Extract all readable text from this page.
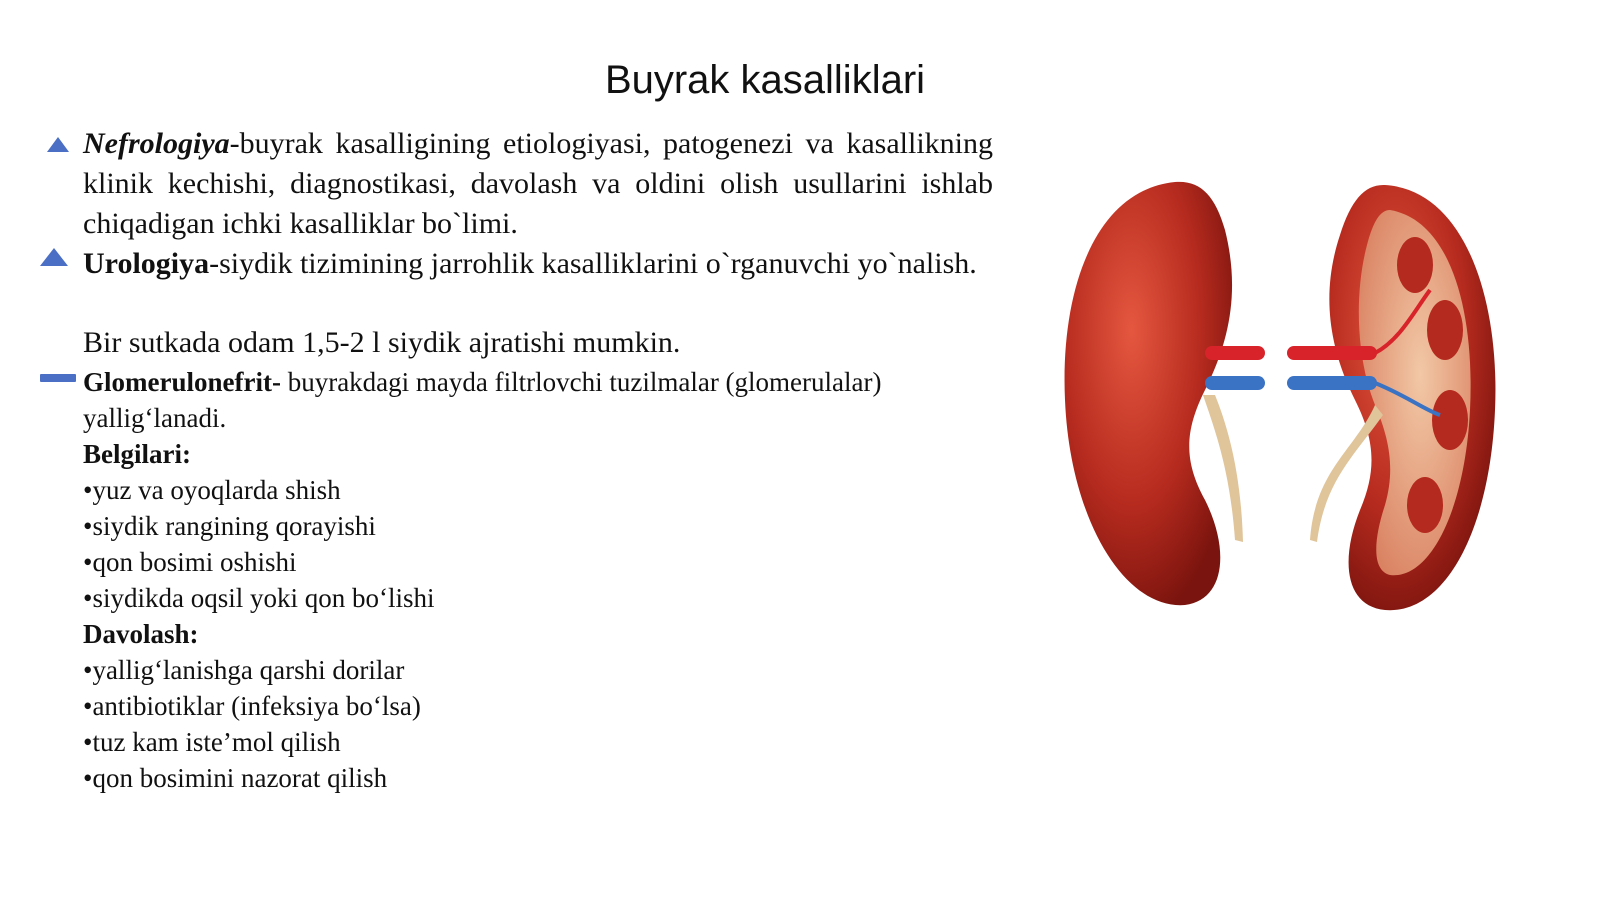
Buyrak kasalliklari
Nefrologiya-buyrak kasalligining etiologiyasi, patogenezi va kasallikning klinik kechishi, diagnostikasi, davolash va oldini olish usullarini ishlab chiqadigan ichki kasalliklar bo`limi.
Urologiya-siydik tizimining jarrohlik kasalliklarini o`rganuvchi yo`nalish.
Bir sutkada odam 1,5-2 l siydik ajratishi mumkin.
Glomerulonefrit- buyrakdagi mayda filtrlovchi tuzilmalar (glomerulalar) yallig‘lanadi.
Belgilari:
•yuz va oyoqlarda shish
•siydik rangining qorayishi
•qon bosimi oshishi
•siydikda oqsil yoki qon bo‘lishi
Davolash:
•yallig‘lanishga qarshi dorilar
•antibiotiklar (infeksiya bo‘lsa)
•tuz kam iste’mol qilish
•qon bosimini nazorat qilish
